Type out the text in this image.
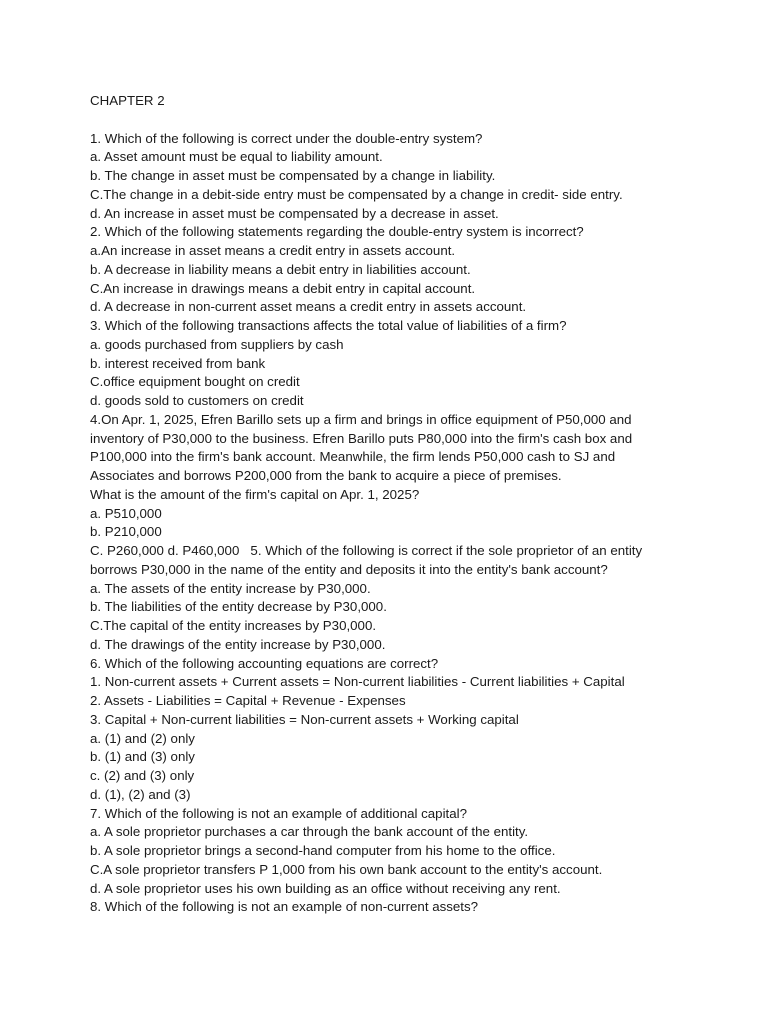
CHAPTER 2
1. Which of the following is correct under the double-entry system?
a. Asset amount must be equal to liability amount.
b. The change in asset must be compensated by a change in liability.
C.The change in a debit-side entry must be compensated by a change in credit- side entry.
d. An increase in asset must be compensated by a decrease in asset.
2. Which of the following statements regarding the double-entry system is incorrect?
a.An increase in asset means a credit entry in assets account.
b. A decrease in liability means a debit entry in liabilities account.
C.An increase in drawings means a debit entry in capital account.
d. A decrease in non-current asset means a credit entry in assets account.
3. Which of the following transactions affects the total value of liabilities of a firm?
a. goods purchased from suppliers by cash
b. interest received from bank
C.office equipment bought on credit
d. goods sold to customers on credit
4.On Apr. 1, 2025, Efren Barillo sets up a firm and brings in office equipment of P50,000 and
inventory of P30,000 to the business. Efren Barillo puts P80,000 into the firm's cash box and
P100,000 into the firm's bank account. Meanwhile, the firm lends P50,000 cash to SJ and
Associates and borrows P200,000 from the bank to acquire a piece of premises.
What is the amount of the firm's capital on Apr. 1, 2025?
a. P510,000
b. P210,000
C. P260,000 d. P460,000   5. Which of the following is correct if the sole proprietor of an entity
borrows P30,000 in the name of the entity and deposits it into the entity's bank account?
a. The assets of the entity increase by P30,000.
b. The liabilities of the entity decrease by P30,000.
C.The capital of the entity increases by P30,000.
d. The drawings of the entity increase by P30,000.
6. Which of the following accounting equations are correct?
1. Non-current assets + Current assets = Non-current liabilities - Current liabilities + Capital
2. Assets - Liabilities = Capital + Revenue - Expenses
3. Capital + Non-current liabilities = Non-current assets + Working capital
a. (1) and (2) only
b. (1) and (3) only
c. (2) and (3) only
d. (1), (2) and (3)
7. Which of the following is not an example of additional capital?
a. A sole proprietor purchases a car through the bank account of the entity.
b. A sole proprietor brings a second-hand computer from his home to the office.
C.A sole proprietor transfers P 1,000 from his own bank account to the entity's account.
d. A sole proprietor uses his own building as an office without receiving any rent.
8. Which of the following is not an example of non-current assets?
